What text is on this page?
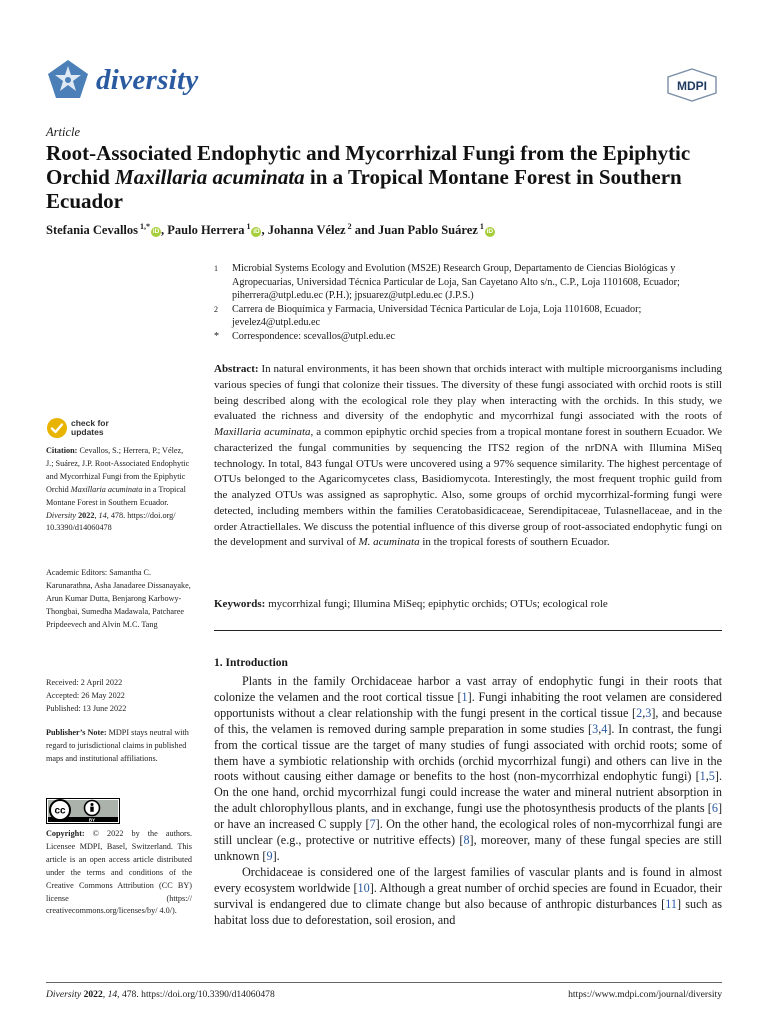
diversity	MDPI
Article
Root-Associated Endophytic and Mycorrhizal Fungi from the Epiphytic Orchid Maxillaria acuminata in a Tropical Montane Forest in Southern Ecuador
Stefania Cevallos $^{1,*}$iD , Paulo Herrera $^1$iD , Johanna Vélez $^2$ and Juan Pablo Suárez $^1$iD
1	Microbial Systems Ecology and Evolution (MS2E) Research Group, Departamento de Ciencias Biológicas y Agropecuarias, Universidad Técnica Particular de Loja, San Cayetano Alto s/n., C.P., Loja 1101608, Ecuador; piherrera@utpl.edu.ec (P.H.); jpsuarez@utpl.edu.ec (J.P.S.)
2	Carrera de Bioquímica y Farmacia, Universidad Técnica Particular de Loja, Loja 1101608, Ecuador; jevelez4@utpl.edu.ec
*	Correspondence: scevallos@utpl.edu.ec
Abstract: In natural environments, it has been shown that orchids interact with multiple microorganisms including various species of fungi that colonize their tissues. The diversity of these fungi associated with orchid roots is still being described along with the ecological role they play when interacting with the orchids. In this study, we evaluated the richness and diversity of the endophytic and mycorrhizal fungi associated with the roots of Maxillaria acuminata, a common epiphytic orchid species from a tropical montane forest in southern Ecuador. We characterized the fungal communities by sequencing the ITS2 region of the nrDNA with Illumina MiSeq technology. In total, 843 fungal OTUs were uncovered using a 97% sequence similarity. The highest percentage of OTUs belonged to the Agaricomycetes class, Basidiomycota. Interestingly, the most frequent trophic guild from the analyzed OTUs was assigned as saprophytic. Also, some groups of orchid mycorrhizal-forming fungi were detected, including members within the families Ceratobasidicaceae, Serendipitaceae, Tulasnellaceae, and in the order Atractiellales. We discuss the potential influence of this diverse group of root-associated endophytic fungi on the development and survival of M. acuminata in the tropical forests of southern Ecuador.
Keywords: mycorrhizal fungi; Illumina MiSeq; epiphytic orchids; OTUs; ecological role
1. Introduction

Plants in the family Orchidaceae harbor a vast array of endophytic fungi in their roots that colonize the velamen and the root cortical tissue [1]. Fungi inhabiting the root velamen are considered opportunists without a clear relationship with the fungi present in the cortical tissue [2,3], and because of this, the velamen is removed during sample preparation in some studies [3,4]. In contrast, the fungi from the cortical tissue are the target of many studies of fungi associated with orchid roots; some of them have a symbiotic relationship with orchids (orchid mycorrhizal fungi) and others can live in the roots without causing either damage or benefits to the host (non-mycorrhizal endophytic fungi) [1,5]. On the one hand, orchid mycorrhizal fungi could increase the water and mineral nutrient absorption in the adult chlorophyllous plants, and in exchange, fungi use the photosynthesis products of the plants [6] or have an increased C supply [7]. On the other hand, the ecological roles of non-mycorrhizal fungi are still unclear (e.g., protective or nutritive effects) [8], moreover, many of these fungal species are still unknown [9].

Orchidaceae is considered one of the largest families of vascular plants and is found in almost every ecosystem worldwide [10]. Although a great number of orchid species are found in Ecuador, their survival is endangered due to climate change but also because of anthropic disturbances [11] such as habitat loss due to deforestation, soil erosion, and

check for
updates
Citation: Cevallos, S.; Herrera, P.; Vélez, J.; Suárez, J.P. Root-Associated Endophytic and Mycorrhizal Fungi from the Epiphytic Orchid Maxillaria acuminata in a Tropical Montane Forest in Southern Ecuador. Diversity 2022, 14, 478. https://doi.org/ 10.3390/d14060478
Academic Editors: Samantha C. Karunarathna, Asha Janadaree Dissanayake, Arun Kumar Dutta, Benjarong Karbowy-Thongbai, Sumedha Madawala, Patcharee Pripdeevech and Alvin M.C. Tang
Received: 2 April 2022
Accepted: 26 May 2022
Published: 13 June 2022
Publisher’s Note: MDPI stays neutral with regard to jurisdictional claims in published maps and institutional affiliations.
cc
BY
Copyright: © 2022 by the authors. Licensee MDPI, Basel, Switzerland. This article is an open access article distributed under the terms and conditions of the Creative Commons Attribution (CC BY) license (https:// creativecommons.org/licenses/by/ 4.0/).
Diversity 2022, 14, 478. https://doi.org/10.3390/d14060478	https://www.mdpi.com/journal/diversity
